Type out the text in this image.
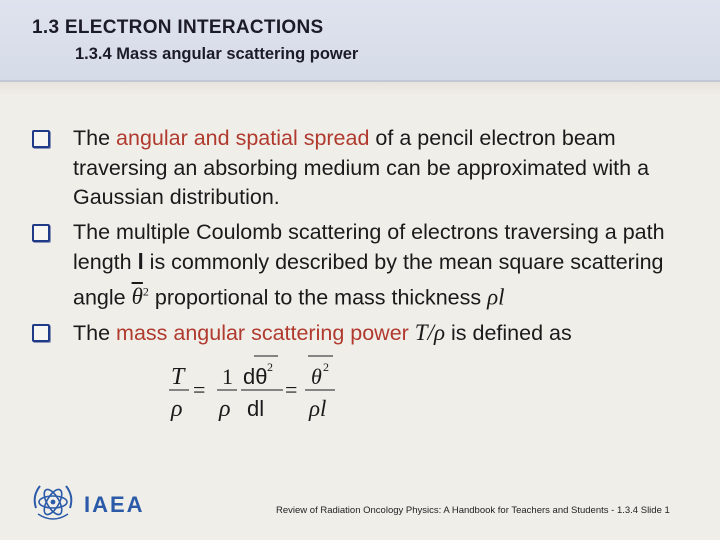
1.3 ELECTRON INTERACTIONS
1.3.4 Mass angular scattering power
The angular and spatial spread of a pencil electron beam traversing an absorbing medium can be approximated with a Gaussian distribution.
The multiple Coulomb scattering of electrons traversing a path length l is commonly described by the mean square scattering angle $\overline{\theta}^2$ proportional to the mass thickness ρl
The mass angular scattering power T/ρ is defined as
T
ρ
=
1
ρ
dθ 2
dl
=
θ 2
ρl
IAEA	Review of Radiation Oncology Physics: A Handbook for Teachers and Students - 1.3.4 Slide 1
